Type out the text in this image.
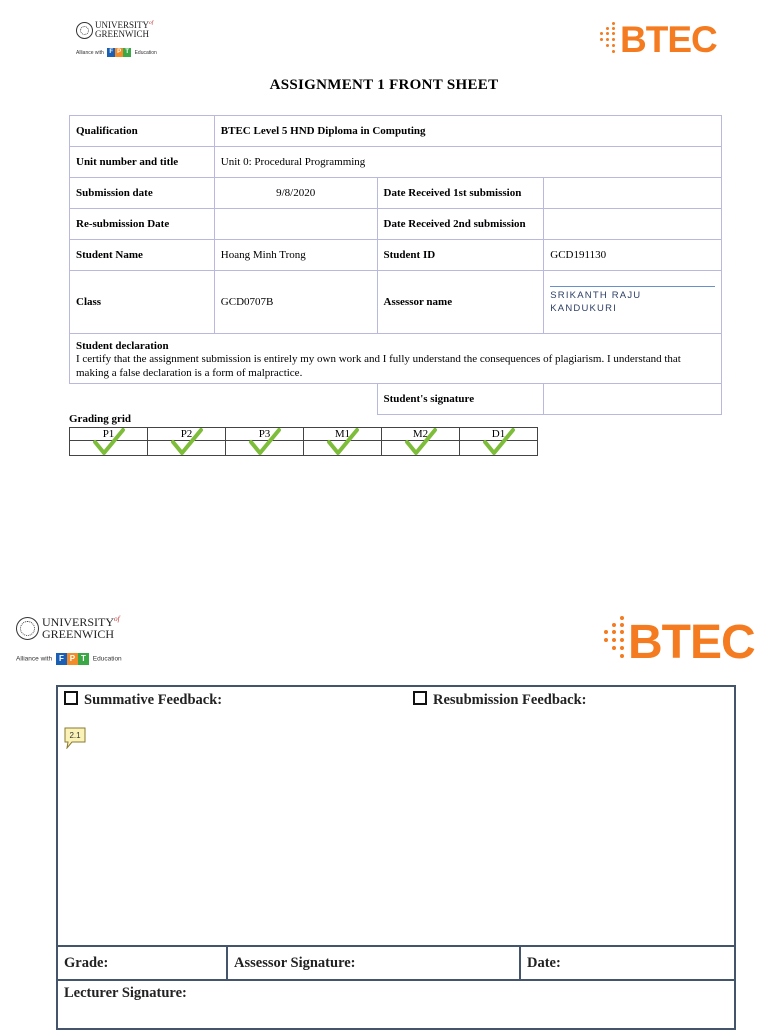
$UNIVERSITY^{of}$
GREENWICH
Alliance with F P T Education	BTEC
ASSIGNMENT 1 FRONT SHEET
Qualification	BTEC Level 5 HND Diploma in Computing		
Unit number and title	Unit 0: Procedural Programming		
Submission date	9/8/2020	Date Received 1st submission	
Re-submission Date		Date Received 2nd submission	
Student Name	Hoang Minh Trong	Student ID	GCD191130
Class	GCD0707B	Assessor name	SRIKANTH RAJU
KANDUKURI

Student declaration
I certify that the assignment submission is entirely my own work and I fully understand the consequences of plagiarism. I understand that making a false declaration is a form of malpractice.			

		Student's signature	
Grading grid
P1	P2	P3	M1	M2	D1

$UNIVERSITY^{of}$
GREENWICH
Alliance with F P T Education	BTEC
Summative Feedback:	Resubmission Feedback:
2.1
Grade:	Assessor Signature:	Date:
Lecturer Signature:
